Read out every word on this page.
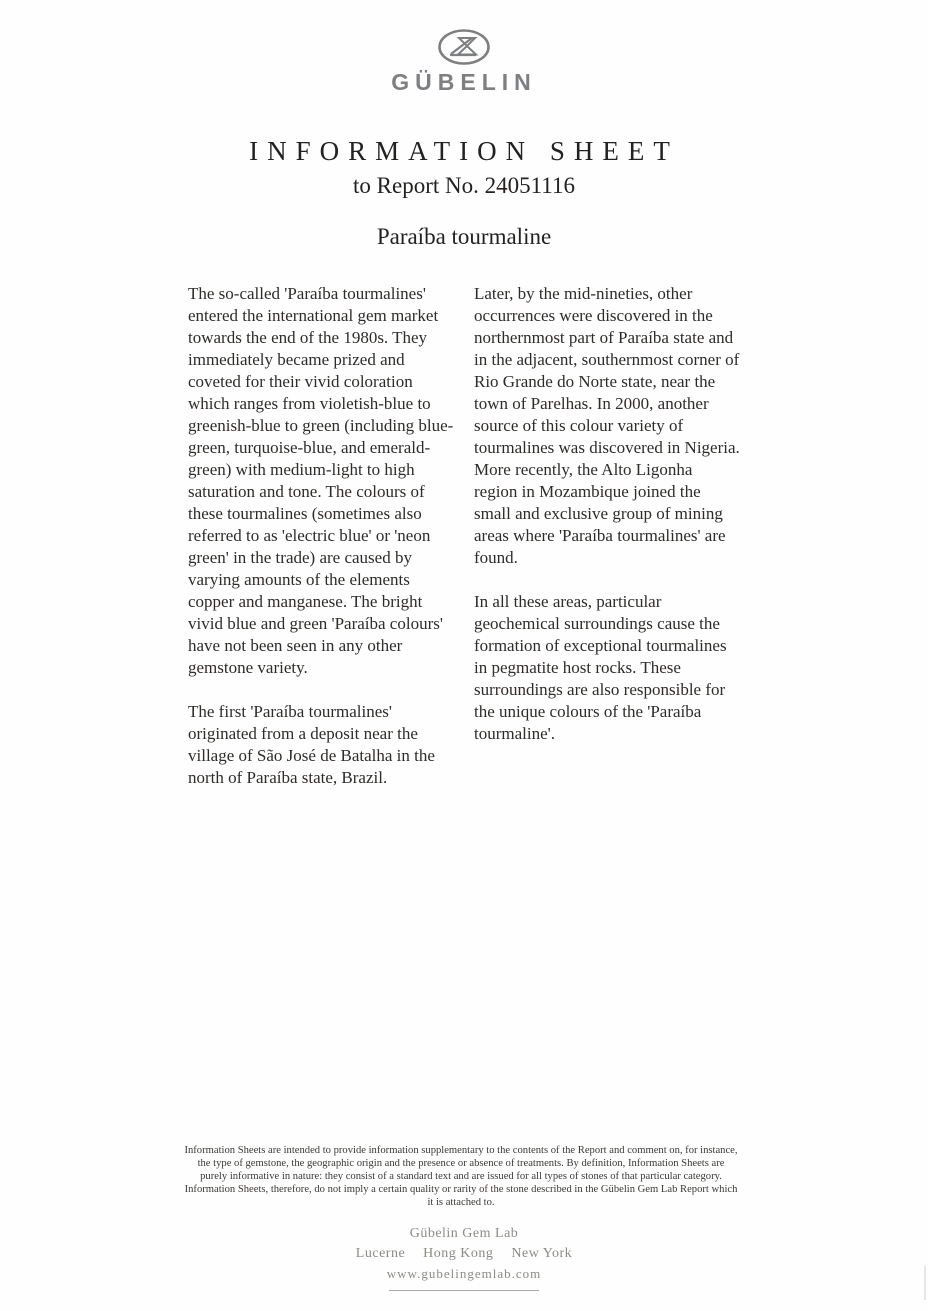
GÜBELIN
INFORMATION SHEET

to Report No. 24051116

Paraíba tourmaline

The so-called 'Paraíba tourmalines' entered the international gem market towards the end of the 1980s. They immediately became prized and coveted for their vivid coloration which ranges from violetish-blue to greenish-blue to green (including blue-green, turquoise-blue, and emerald-green) with medium-light to high saturation and tone. The colours of these tourmalines (sometimes also referred to as 'electric blue' or 'neon green' in the trade) are caused by varying amounts of the elements copper and manganese. The bright vivid blue and green 'Paraíba colours' have not been seen in any other gemstone variety.

The first 'Paraíba tourmalines' originated from a deposit near the village of São José de Batalha in the north of Paraíba state, Brazil.

Later, by the mid-nineties, other occurrences were discovered in the northernmost part of Paraíba state and in the adjacent, southernmost corner of Rio Grande do Norte state, near the town of Parelhas. In 2000, another source of this colour variety of tourmalines was discovered in Nigeria. More recently, the Alto Ligonha region in Mozambique joined the small and exclusive group of mining areas where 'Paraíba tourmalines' are found.

In all these areas, particular geochemical surroundings cause the formation of exceptional tourmalines in pegmatite host rocks. These surroundings are also responsible for the unique colours of the 'Paraíba tourmaline'.

Information Sheets are intended to provide information supplementary to the contents of the Report and comment on, for instance, the type of gemstone, the geographic origin and the presence or absence of treatments. By definition, Information Sheets are purely informative in nature: they consist of a standard text and are issued for all types of stones of that particular category. Information Sheets, therefore, do not imply a certain quality or rarity of the stone described in the Gübelin Gem Lab Report which it is attached to.

Gübelin Gem Lab

Lucerne Hong Kong New York

www.gubelingemlab.com
